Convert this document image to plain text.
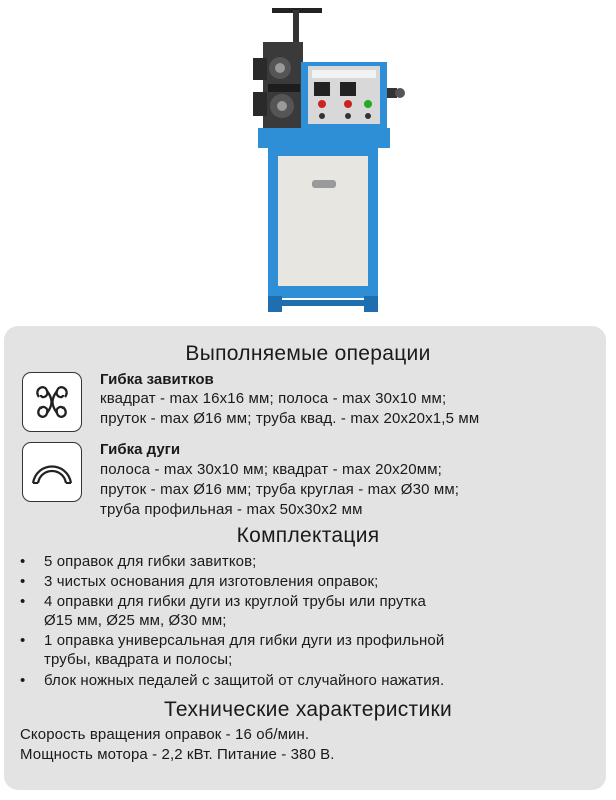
Выполняемые операции
Гибка завитков
квадрат - max 16х16 мм; полоса - max 30х10 мм;
пруток - max Ø16 мм; труба квад. - max 20х20х1,5 мм
Гибка дуги
полоса - max 30х10 мм; квадрат - max 20х20мм;
пруток - max Ø16 мм; труба круглая - max Ø30 мм;
труба профильная - max 50х30х2 мм
Комплектация
• 5 оправок для гибки завитков;
• 3 чистых основания для изготовления оправок;
• 4 оправки для гибки дуги из круглой трубы или прутка
Ø15 мм, Ø25 мм, Ø30 мм;
• 1 оправка универсальная для гибки дуги из профильной
трубы, квадрата и полосы;
• блок ножных педалей с защитой от случайного нажатия.
Технические характеристики
Скорость вращения оправок - 16 об/мин.
Мощность мотора - 2,2 кВт. Питание - 380 В.
